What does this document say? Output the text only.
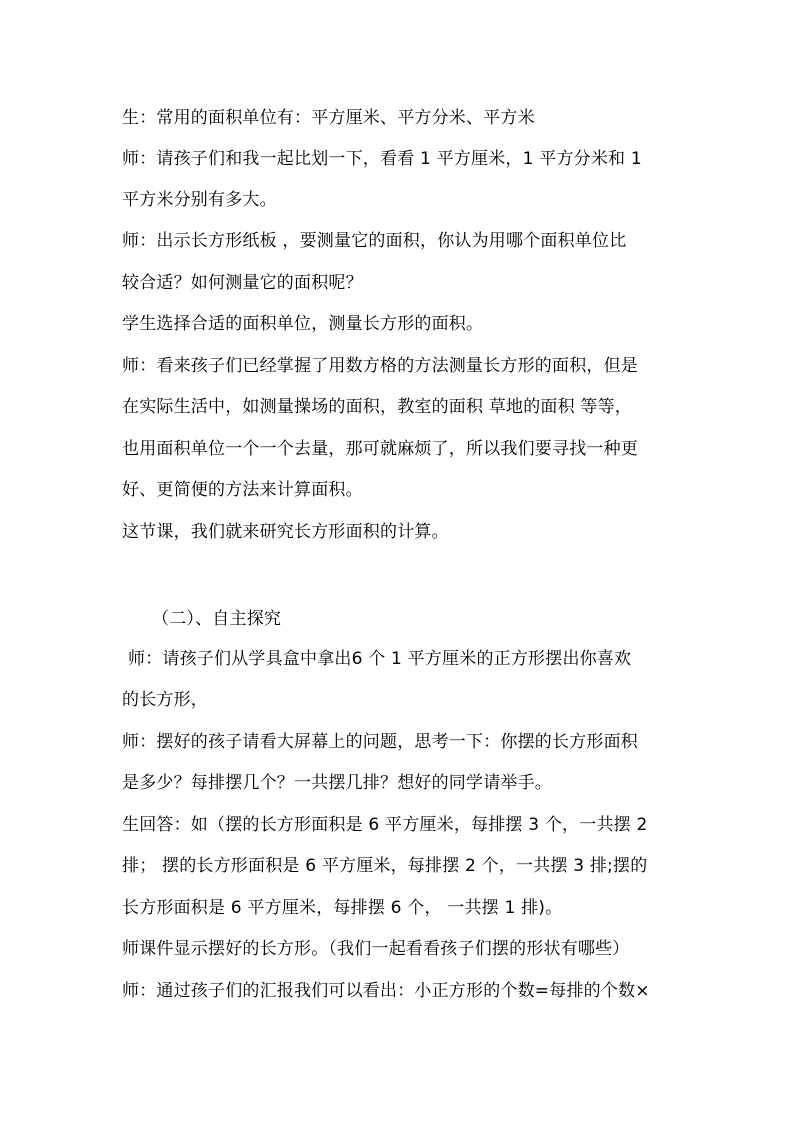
生：常用的面积单位有：平方厘米、平方分米、平方米
师：请孩子们和我一起比划一下，看看 1 平方厘米，1 平方分米和 1
平方米分别有多大。
师：出示长方形纸板 ，要测量它的面积，你认为用哪个面积单位比
较合适？如何测量它的面积呢？
学生选择合适的面积单位，测量长方形的面积。
师：看来孩子们已经掌握了用数方格的方法测量长方形的面积，但是
在实际生活中，如测量操场的面积，教室的面积 草地的面积 等等，
也用面积单位一个一个去量，那可就麻烦了，所以我们要寻找一种更
好、更简便的方法来计算面积。
这节课，我们就来研究长方形面积的计算。
（二）、自主探究
师：请孩子们从学具盒中拿出6 个 1 平方厘米的正方形摆出你喜欢
的长方形，
师：摆好的孩子请看大屏幕上的问题，思考一下：你摆的长方形面积
是多少？每排摆几个？一共摆几排？想好的同学请举手。
生回答：如（摆的长方形面积是 6 平方厘米，每排摆 3 个，一共摆 2
排； 摆的长方形面积是 6 平方厘米，每排摆 2 个，一共摆 3 排;摆的
长方形面积是 6 平方厘米，每排摆 6 个， 一共摆 1 排)。
师课件显示摆好的长方形。（我们一起看看孩子们摆的形状有哪些）
师：通过孩子们的汇报我们可以看出：小正方形的个数=每排的个数×
